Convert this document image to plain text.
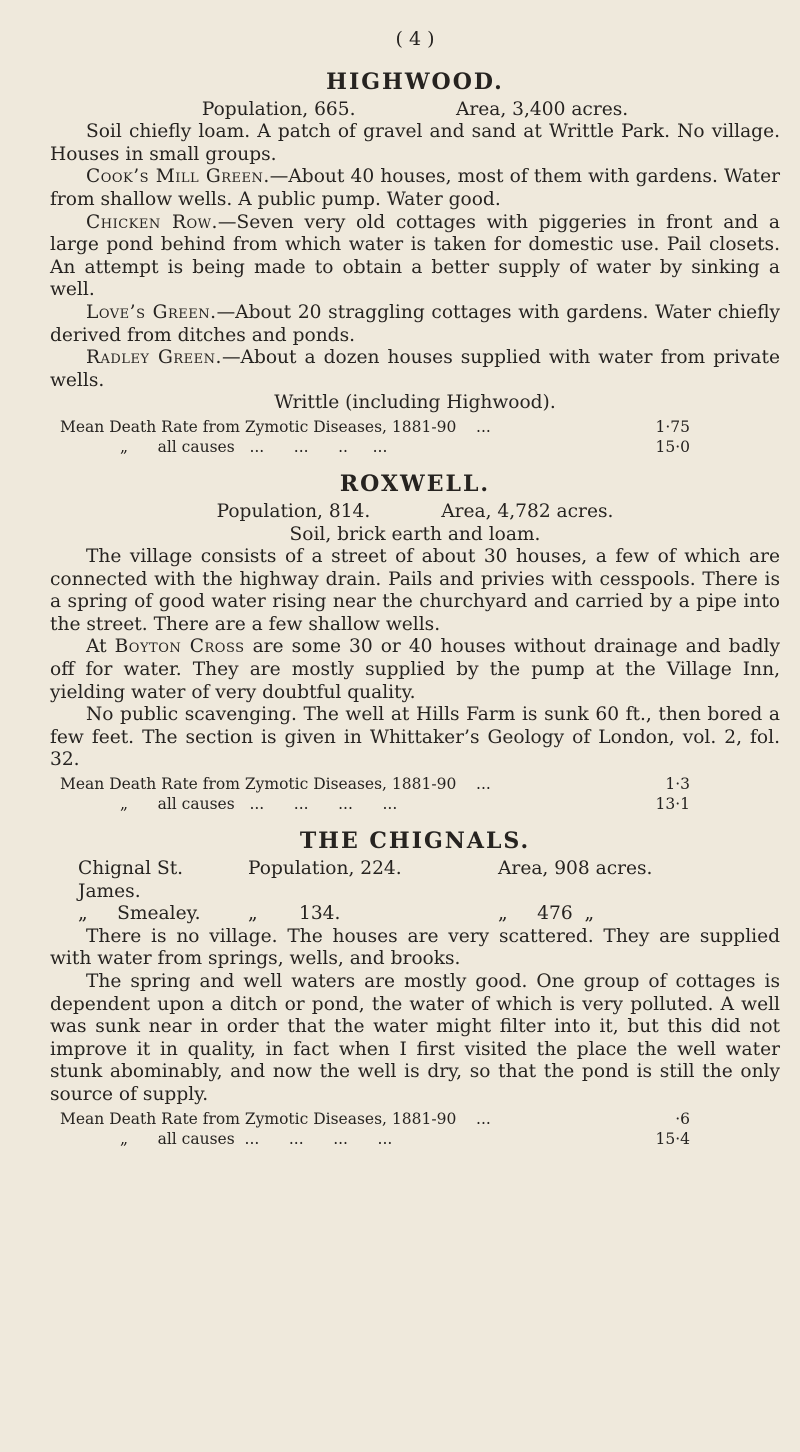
( 4 )
HIGHWOOD.

Population, 665.                 Area, 3,400 acres.

Soil chiefly loam. A patch of gravel and sand at Writtle Park. No village. Houses in small groups.

Cook’s Mill Green.—About 40 houses, most of them with gardens. Water from shallow wells. A public pump. Water good.

Chicken Row.—Seven very old cottages with piggeries in front and a large pond behind from which water is taken for domestic use. Pail closets. An attempt is being made to obtain a better supply of water by sinking a well.

Love’s Green.—About 20 straggling cottages with gardens. Water chiefly derived from ditches and ponds.

Radley Green.—About a dozen houses supplied with water from private wells.

Writtle (including Highwood).

Mean Death Rate from Zymotic Diseases, 1881-90    ...	1·75
„ all causes   ...      ...      ..     ...	15·0
ROXWELL.

Population, 814.            Area, 4,782 acres.

Soil, brick earth and loam.

The village consists of a street of about 30 houses, a few of which are connected with the highway drain. Pails and privies with cesspools. There is a spring of good water rising near the churchyard and carried by a pipe into the street. There are a few shallow wells.

At Boyton Cross are some 30 or 40 houses without drainage and badly off for water. They are mostly supplied by the pump at the Village Inn, yielding water of very doubtful quality.

No public scavenging. The well at Hills Farm is sunk 60 ft., then bored a few feet. The section is given in Whittaker’s Geology of London, vol. 2, fol. 32.

Mean Death Rate from Zymotic Diseases, 1881-90    ...	1·3
„ all causes   ...      ...      ...      ...	13·1
THE CHIGNALS.
Chignal St. James.
Population, 224.	Area, 908 acres.
„     Smealey.	„       134.	„     476  „

There is no village. The houses are very scattered. They are supplied with water from springs, wells, and brooks.

The spring and well waters are mostly good. One group of cottages is dependent upon a ditch or pond, the water of which is very polluted. A well was sunk near in order that the water might filter into it, but this did not improve it in quality, in fact when I first visited the place the well water stunk abominably, and now the well is dry, so that the pond is still the only source of supply.

Mean Death Rate from Zymotic Diseases, 1881-90    ...	·6
„ all causes  ...      ...      ...      ...	15·4
